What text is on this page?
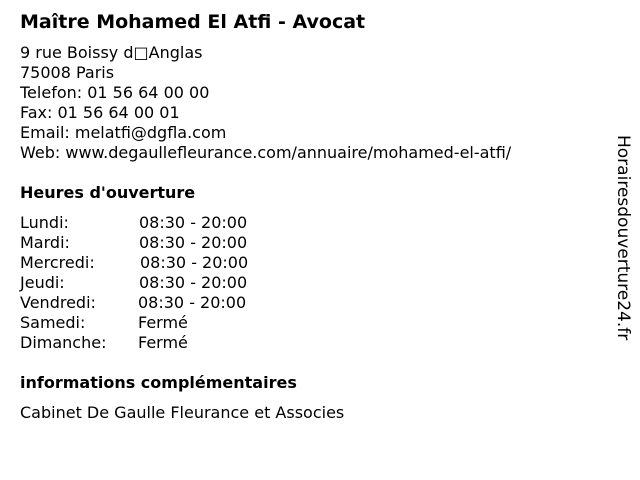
Maître Mohamed El Atfi - Avocat
9 rue Boissy d□Anglas
75008 Paris
Telefon: 01 56 64 00 00
Fax: 01 56 64 00 01
Email: melatfi@dgfla.com
Web: www.degaullefleurance.com/annuaire/mohamed-el-atfi/
Heures d'ouverture
Lundi:	08:30 - 20:00
Mardi:	08:30 - 20:00
Mercredi:	08:30 - 20:00
Jeudi:	08:30 - 20:00
Vendredi:	08:30 - 20:00
Samedi:	Fermé
Dimanche: Fermé
informations complémentaires
Cabinet De Gaulle Fleurance et Associes
Horairesdouverture24.fr
